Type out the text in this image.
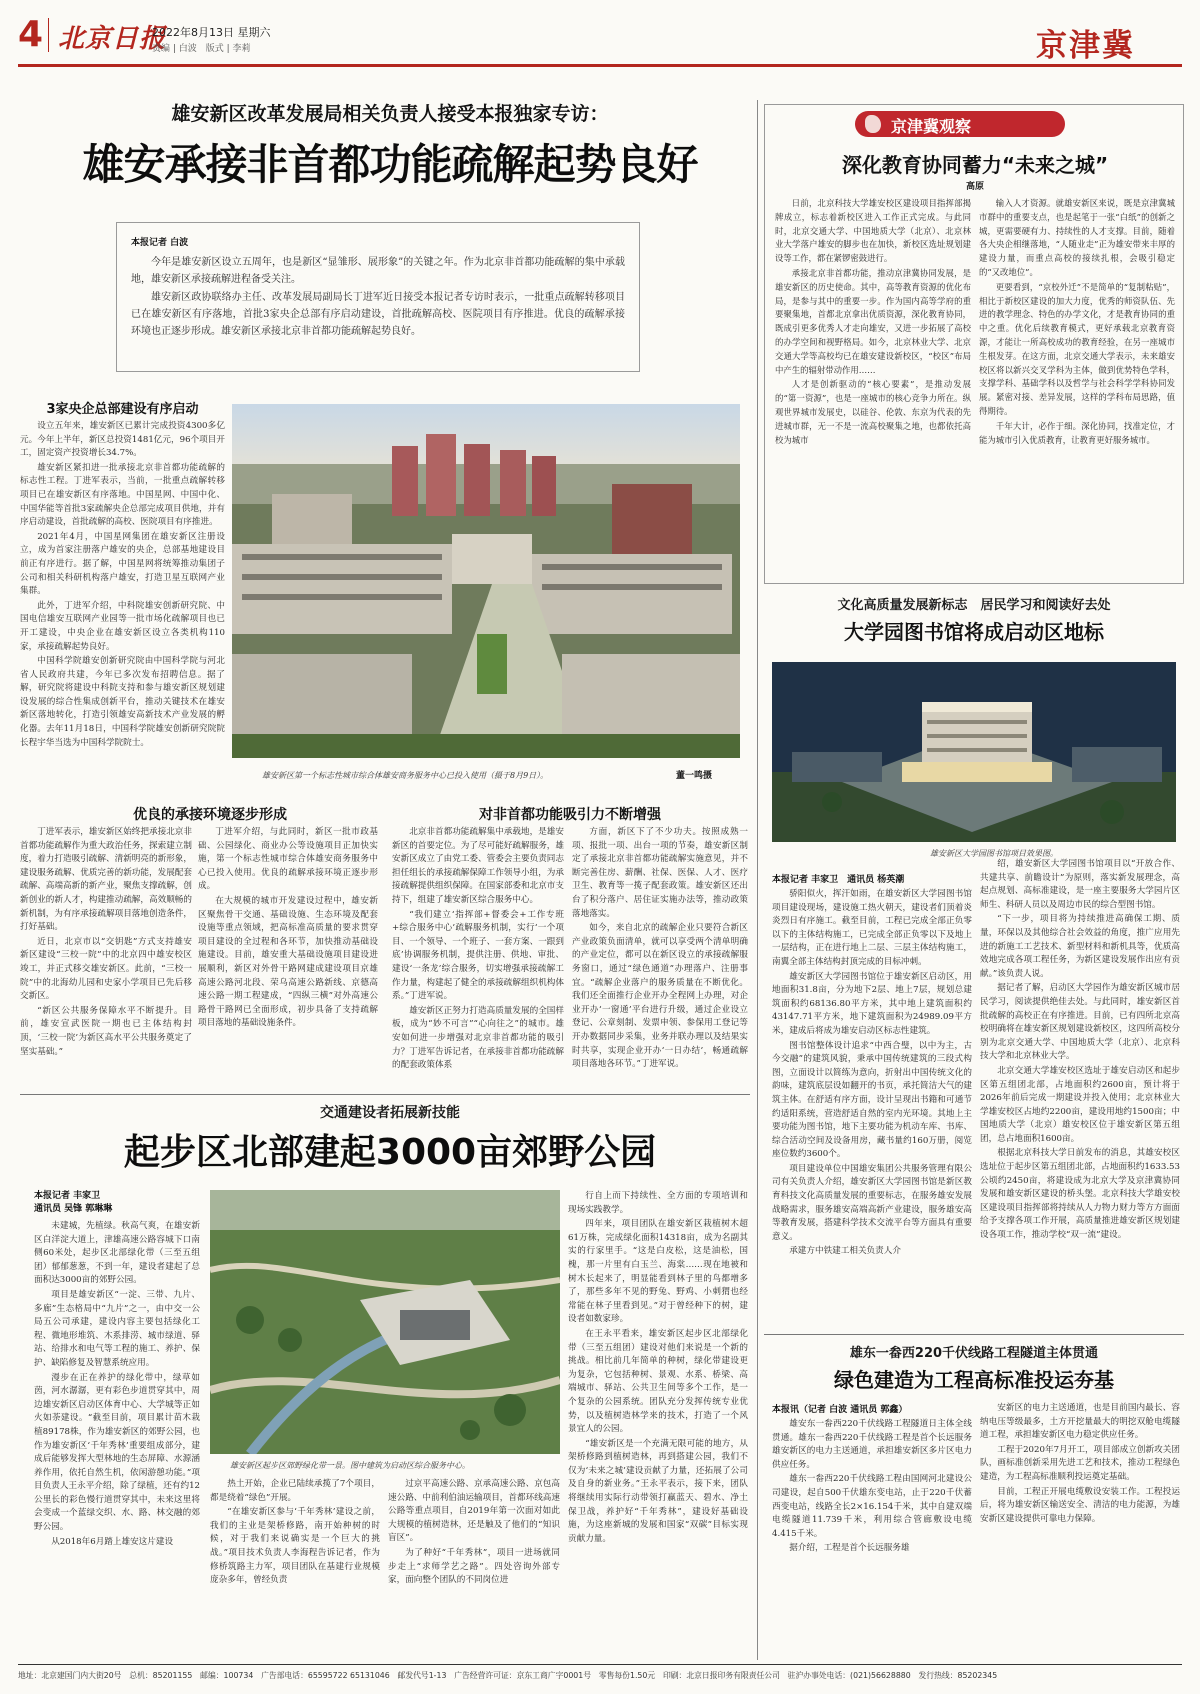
4 北京日报
2022年8月13日 星期六
责编 | 白波　版式 | 李莉	京津冀
雄安新区改革发展局相关负责人接受本报独家专访：
雄安承接非首都功能疏解起势良好
本报记者 白波

今年是雄安新区设立五周年，也是新区“显雏形、展形象”的关键之年。作为北京非首都功能疏解的集中承载地，雄安新区承接疏解进程备受关注。

雄安新区政协联络办主任、改革发展局副局长丁进军近日接受本报记者专访时表示，一批重点疏解转移项目已在雄安新区有序落地，首批3家央企总部有序启动建设，首批疏解高校、医院项目有序推进。优良的疏解承接环境也正逐步形成。雄安新区承接北京非首都功能疏解起势良好。

3家央企总部建设有序启动

设立五年来，雄安新区已累计完成投资4300多亿元。今年上半年，新区总投资1481亿元，96个项目开工，固定资产投资增长34.7%。

雄安新区紧扣进一批承接北京非首都功能疏解的标志性工程。丁进军表示，当前，一批重点疏解转移项目已在雄安新区有序落地。中国星网、中国中化、中国华能等首批3家疏解央企总部完成项目供地，并有序启动建设，首批疏解的高校、医院项目有序推进。

2021年4月，中国星网集团在雄安新区注册设立，成为首家注册落户雄安的央企，总部基地建设目前正有序进行。据了解，中国星网将统筹推动集团子公司和相关科研机构落户雄安，打造卫星互联网产业集群。

此外，丁进军介绍，中科院雄安创新研究院、中国电信雄安互联网产业园等一批市场化疏解项目也已开工建设，中央企业在雄安新区设立各类机构110家，承接疏解起势良好。

中国科学院雄安创新研究院由中国科学院与河北省人民政府共建，今年已多次发布招聘信息。据了解，研究院将建设中科院支持和参与雄安新区规划建设发展的综合性集成创新平台，推动关键技术在雄安新区落地转化，打造引领雄安高新技术产业发展的孵化器。去年11月18日，中国科学院雄安创新研究院院长程宇华当选为中国科学院院士。

雄安新区第一个标志性城市综合体雄安商务服务中心已投入使用（摄于8月9日）。	董一鸣摄
优良的承接环境逐步形成

丁进军表示，雄安新区始终把承接北京非首都功能疏解作为重大政治任务，探索建立制度，着力打造吸引疏解、清新明亮的新形象，建设服务疏解、优质完善的新功能，发展配套疏解、高端高新的新产业，聚焦支撑疏解，创新创业的新人才，构建推动疏解，高效顺畅的新机制，为有序承接疏解项目落地创造条件，打好基础。

近日，北京市以“交钥匙”方式支持雄安新区建设“三校一院”中的北京四中雄安校区竣工，并正式移交雄安新区。此前，“三校一院”中的北海幼儿园和史家小学项目已先后移交新区。

“新区公共服务保障水平不断提升。目前，雄安宣武医院一期也已主体结构封顶，‘三校一院’为新区高水平公共服务奠定了坚实基础。”

丁进军介绍，与此同时，新区一批市政基础、公园绿化、商业办公等设施项目正加快实施，第一个标志性城市综合体雄安商务服务中心已投入使用。优良的疏解承接环境正逐步形成。

在大规模的城市开发建设过程中，雄安新区聚焦骨干交通、基础设施、生态环境及配套设施等重点领域，把高标准高质量的要求贯穿项目建设的全过程和各环节，加快推动基础设施建设。目前，雄安重大基础设施项目建设进展顺利，新区对外骨干路网建成建设项目京雄高速公路河北段、荣乌高速公路新线、京德高速公路一期工程建成，“四纵三横”对外高速公路骨干路网已全面形成，初步具备了支持疏解项目落地的基础设施条件。

对非首都功能吸引力不断增强

北京非首都功能疏解集中承载地，是雄安新区的首要定位。为了尽可能好疏解服务，雄安新区成立了由党工委、管委会主要负责同志担任组长的承接疏解保障工作领导小组，为承接疏解提供组织保障。在国家部委和北京市支持下，组建了雄安新区综合服务中心。

“我们建立‘指挥部+督委会+工作专班+综合服务中心’疏解服务机制，实行‘一个项目、一个领导、一个班子、一套方案、一跟到底’协调服务机制，提供注册、供地、审批、建设‘一条龙’综合服务，切实增强承接疏解工作力量，构建起了健全的承接疏解组织机构体系。”丁进军说。

雄安新区正努力打造高质量发展的全国样板，成为“妙不可言”“心向往之”的城市。雄安如何进一步增强对北京非首都功能的吸引力？丁进军告诉记者，在承接非首都功能疏解的配套政策体系

方面，新区下了不少功夫。按照成熟一项、报批一项、出台一项的节奏，雄安新区制定了承接北京非首都功能疏解实施意见，并不断完善住房、薪酬、社保、医保、人才、医疗卫生、教育等一揽子配套政策。雄安新区还出台了积分落户、居住证实施办法等，推动政策落地落实。

如今，来自北京的疏解企业只要符合新区产业政策负面清单，就可以享受两个清单明确的产业定位，都可以在新区设立的承接疏解服务窗口，通过“绿色通道”办理落户、注册事宜。“疏解企业落户的服务质量在不断优化。我们还全面推行企业开办全程网上办理，对企业开办‘一窗通’平台进行升级，通过企业设立登记、公章刻制、发票申领、参保用工登记等开办数据同步采集，业务并联办理以及结果实时共享，实现企业开办‘一日办结’，畅通疏解项目落地各环节。”丁进军说。

京津冀观察
深化教育协同蓄力“未来之城”
高原

日前，北京科技大学雄安校区建设项目指挥部揭牌成立，标志着新校区进入工作正式完成。与此同时，北京交通大学、中国地质大学（北京）、北京林业大学落户雄安的脚步也在加快，新校区选址规划建设等工作，都在紧锣密鼓进行。

承接北京非首都功能，推动京津冀协同发展，是雄安新区的历史使命。其中，高等教育资源的优化布局，是参与其中的重要一步。作为国内高等学府的重要聚集地，首都北京拿出优质资源，深化教育协同，既成引更多优秀人才走向雄安，又进一步拓展了高校的办学空间和视野格局。如今，北京林业大学、北京交通大学等高校均已在雄安建设新校区，“校区”布局中产生的辐射带动作用……

人才是创新驱动的“核心要素”，是推动发展的“第一资源”，也是一座城市的核心竞争力所在。纵观世界城市发展史，以硅谷、伦敦、东京为代表的先进城市群，无一不是一流高校聚集之地，也都依托高校为城市

输入人才资源。就雄安新区来说，既是京津冀城市群中的重要支点，也是起笔于一张“白纸”的创新之城，更需要硬有力、持续性的人才支撑。目前，随着各大央企相继落地，“人随业走”正为雄安带来丰厚的建设力量，而重点高校的接续扎根，会吸引稳定的“又改地位”。

更要看到，“京校外迁”不是简单的“复制粘贴”，相比于新校区建设的加大力度，优秀的师资队伍、先进的教学理念、特色的办学文化，才是教育协同的重中之重。优化后续教育模式，更好承载北京教育资源，才能让一所高校成功的教育经验，在另一座城市生根发芽。在这方面，北京交通大学表示，未来雄安校区将以新兴交叉学科为主体，做到优势特色学科，支撑学科、基础学科以及哲学与社会科学学科协同发展。紧密对接、差异发展，这样的学科布局思路，值得期待。

千年大计，必作于细。深化协同，找准定位，才能为城市引入优质教育，让教育更好服务城市。

文化高质量发展新标志　居民学习和阅读好去处
大学园图书馆将成启动区地标
雄安新区大学园图书馆项目效果图。
本报记者 丰家卫　通讯员 杨英潮

骄阳似火，挥汗如雨，在雄安新区大学园图书馆项目建设现场，建设施工热火朝天，建设者们顶着炎炎烈日有序施工。截至目前，工程已完成全部正负零以下的主体结构施工，已完成全部正负零以下及地上一层结构，正在进行地上二层、三层主体结构施工，南翼全部主体结构封顶完成的目标冲刺。

雄安新区大学园图书馆位于雄安新区启动区，用地面积31.8亩，分为地下2层、地上7层，规划总建筑面积约68136.80平方米，其中地上建筑面积约43147.71平方米，地下建筑面积为24989.09平方米，建成后将成为雄安启动区标志性建筑。

图书馆整体设计追求“中西合璧，以中为主，古今交融”的建筑风貌，秉承中国传统建筑的三段式构图，立面设计以简练为意向，折射出中国传统文化的韵味，建筑底层设如翻开的书页，承托简洁大气的建筑主体。在舒适有序方面，设计呈现出书籍和可通节约适阳系统，营造舒适自然的室内光环境。其地上主要功能为图书馆，地下主要功能为机动车库、书库、综合活动空间及设备用房，藏书量约160万册，阅览座位数约3600个。

项目建设单位中国雄安集团公共服务管理有限公司有关负责人介绍，雄安新区大学园图书馆是新区教育科技文化高质量发展的重要标志，在服务雄安发展战略需求，服务雄安高端高新产业建设，服务雄安高等教育发展，搭建科学技术交流平台等方面具有重要意义。

承建方中铁建工相关负责人介

绍，雄安新区大学园图书馆项目以“开放合作、共建共享、前瞻设计”为原则，落实新发展理念，高起点规划、高标准建设，是一座主要服务大学园片区师生、科研人员以及周边市民的综合型图书馆。

“下一步，项目将为持续推进高确保工期、质量，环保以及其他综合社会效益的角度，推广应用先进的新施工工艺技术、新型材料和新机具等，优质高效地完成各项工程任务，为新区建设发展作出应有贡献。”该负责人说。

据记者了解，启动区大学园作为雄安新区城市居民学习，阅读提供绝佳去处。与此同时，雄安新区首批疏解的高校正在有序推进。目前，已有四所北京高校明确将在雄安新区规划建设新校区，这四所高校分别为北京交通大学、中国地质大学（北京）、北京科技大学和北京林业大学。

北京交通大学雄安校区选址于雄安启动区和起步区第五组团北部，占地面积约2600亩，预计将于2026年前后完成一期建设并投入使用；北京林业大学雄安校区占地约2200亩，建设用地约1500亩；中国地质大学（北京）雄安校区位于雄安新区第五组团，总占地面积1600亩。

根据北京科技大学日前发布的消息，其雄安校区选址位于起步区第五组团北部，占地面积约1633.53公顷约2450亩，将建设成为北京大学及京津冀协同发展和雄安新区建设的桥头堡。北京科技大学雄安校区建设项目指挥部将持续从人力物力财力等方方面面给予支撑各项工作开展，高质量推进雄安新区规划建设各项工作，推动学校“双一流”建设。

交通建设者拓展新技能
起步区北部建起3000亩郊野公园
本报记者 丰家卫
通讯员 吴锋 郭琳琳

未建城，先植绿。秋高气爽，在雄安新区白洋淀大道上，津雄高速公路容城下口南侧60米处，起步区北部绿化带（三至五组团）郁郁葱葱，不到一年，建设者建起了总面积达3000亩的郊野公园。

项目是雄安新区“一淀、三带、九片、多廊”生态格局中“九片”之一，由中交一公局五公司承建，建设内容主要包括绿化工程、微地形堆筑、木系排涝、城市绿道、驿站、给排水和电气等工程的施工、养护、保护、缺陷修复及智慧系统应用。

漫步在正在养护的绿化带中，绿草如茵，河水潺潺，更有彩色步道贯穿其中，周边雄安新区启动区体育中心、大学城等正如火如荼建设。“截至目前，项目累计苗木栽植89178株，作为雄安新区的郊野公园，也作为雄安新区‘千年秀林’重要组成部分，建成后能够发挥大型林地的生态屏障、水源涵养作用，依托自然生机，依闲游憩功能。”项目负责人王永平介绍，除了绿植，还有约12公里长的彩色慢行道贯穿其中，未来这里将会变成一个蓝绿交织、水、路、林交融的郊野公园。

从2018年6月踏上雄安这片建设

雄安新区起步区郊野绿化带一景。图中建筑为启动区综合服务中心。

热土开始，企业已陆续承揽了7个项目，都是绕着“绿色”开展。

“在雄安新区参与‘千年秀林’建设之前，我们的主业是架桥修路，南开始种树的时候，对于我们来说确实是一个巨大的挑战。”项目技术负责人李海程告诉记者，作为修桥筑路主力军，项目团队在基建行业规模庞杂多年，曾经负责

过京平高速公路、京承高速公路、京包高速公路、中前利伯油运输项目，首都环线高速公路等重点项目，自2019年第一次面对如此大规模的植树造林，还是触及了他们的“知识盲区”。

为了种好“千年秀林”，项目一进场就同步走上“求师学艺之路”。四处咨询外部专家，面向整个团队的不同岗位进

行自上而下持续性、全方面的专项培训和现场实践教学。

四年来，项目团队在雄安新区栽植树木超61万株，完成绿化面积14318亩，成为名副其实的行家里手。“这是白皮松，这是油松，国槐，那一片里有白玉兰、海棠……现在地被和树木长起来了，明显能看到林子里的鸟都增多了，那些多年不见的野兔、野鸡、小刺猬也经常能在林子里看到见。”对于曾经种下的树，建设者如数家珍。

在王永平看来，雄安新区起步区北部绿化带（三至五组团）建设对他们来说是一个新的挑战。相比前几年简单的种树，绿化带建设更为复杂，它包括种树、景观、水系、桥梁、高端城市、驿站、公共卫生间等多个工作，是一个复杂的公园系统。团队充分发挥传统专业优势，以及植树造林学来的技术，打造了一个风景宜人的公园。

“雄安新区是一个充满无限可能的地方，从架桥修路到植树造林，再到搭建公园，我们不仅为‘未来之城’建设贡献了力量，还拓展了公司及自身的新业务。”王永平表示，接下来，团队将继续用实际行动带领打赢蓝天、碧水、净土保卫战，养护好“千年秀林”，建设好基础设施，为这座新城的发展和国家“双碳”目标实现贡献力量。

雄东一畚西220千伏线路工程隧道主体贯通
绿色建造为工程高标准投运夯基
本报讯（记者 白波 通讯员 郭鑫）

雄安东一畚西220千伏线路工程隧道日主体全线贯通。雄东一畚西220千伏线路工程是首个长远服务雄安新区的电力主送通道，承担雄安新区多片区电力供应任务。

雄东一畚西220千伏线路工程由国网河北建设公司建设，起自500千伏雄东变电站，止于220千伏蓄西变电站，线路全长2×16.154千米，其中自建双端电缆隧道11.739千米，利用综合管廊敷设电缆4.415千米。

据介绍，工程是首个长远服务雄

安新区的电力主送通道，也是目前国内最长、容纳电压等级最多，土方开挖量最大的明挖双舱电缆隧道工程，承担雄安新区电力稳定供应任务。

工程于2020年7月开工，项目部成立创新攻关团队，画标准创新采用先进工艺和技术，推动工程绿色建造，为工程高标准顺利投运奠定基础。

目前，工程正开展电缆敷设安装工作。工程投运后，将为雄安新区输送安全、清洁的电力能源，为雄安新区建设提供可靠电力保障。

地址：北京建国门内大街20号　总机：85201155　邮编：100734　广告部电话：65595722 65131046　邮发代号1-13　广告经营许可证：京东工商广字0001号　零售每份1.50元　印刷：北京日报印务有限责任公司　驻沪办事处电话：(021)56628880　发行热线：85202345
